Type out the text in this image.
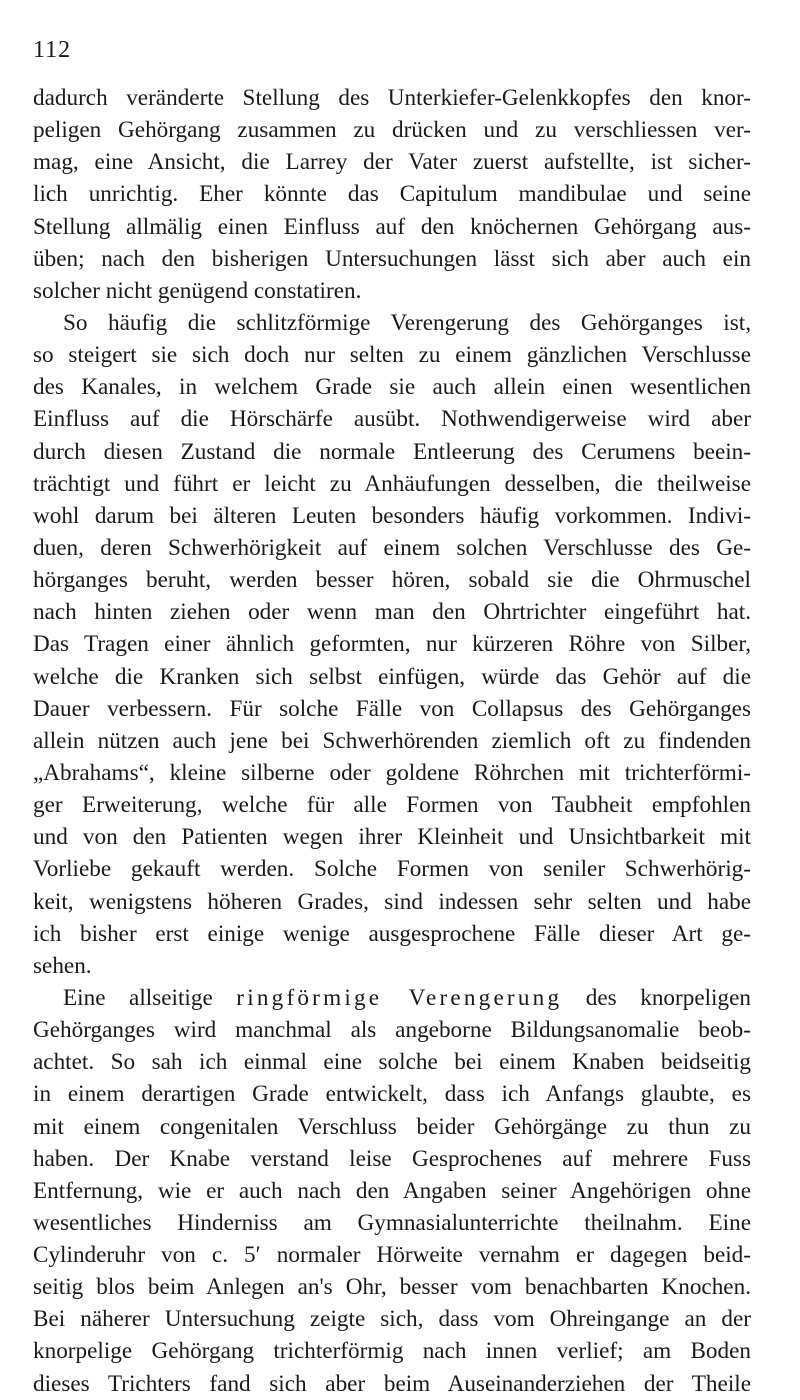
112
dadurch veränderte Stellung des Unterkiefer-Gelenkkopfes den knor-
peligen Gehörgang zusammen zu drücken und zu verschliessen ver-
mag, eine Ansicht, die Larrey der Vater zuerst aufstellte, ist sicher-
lich unrichtig. Eher könnte das Capitulum mandibulae und seine
Stellung allmälig einen Einfluss auf den knöchernen Gehörgang aus-
üben; nach den bisherigen Untersuchungen lässt sich aber auch ein
solcher nicht genügend constatiren.
So häufig die schlitzförmige Verengerung des Gehörganges ist,
so steigert sie sich doch nur selten zu einem gänzlichen Verschlusse
des Kanales, in welchem Grade sie auch allein einen wesentlichen
Einfluss auf die Hörschärfe ausübt. Nothwendigerweise wird aber
durch diesen Zustand die normale Entleerung des Cerumens beein-
trächtigt und führt er leicht zu Anhäufungen desselben, die theilweise
wohl darum bei älteren Leuten besonders häufig vorkommen. Indivi-
duen, deren Schwerhörigkeit auf einem solchen Verschlusse des Ge-
hörganges beruht, werden besser hören, sobald sie die Ohrmuschel
nach hinten ziehen oder wenn man den Ohrtrichter eingeführt hat.
Das Tragen einer ähnlich geformten, nur kürzeren Röhre von Silber,
welche die Kranken sich selbst einfügen, würde das Gehör auf die
Dauer verbessern. Für solche Fälle von Collapsus des Gehörganges
allein nützen auch jene bei Schwerhörenden ziemlich oft zu findenden
„Abrahams“, kleine silberne oder goldene Röhrchen mit trichterförmi-
ger Erweiterung, welche für alle Formen von Taubheit empfohlen
und von den Patienten wegen ihrer Kleinheit und Unsichtbarkeit mit
Vorliebe gekauft werden. Solche Formen von seniler Schwerhörig-
keit, wenigstens höheren Grades, sind indessen sehr selten und habe
ich bisher erst einige wenige ausgesprochene Fälle dieser Art ge-
sehen.
Eine allseitige ringförmige Verengerung des knorpeligen
Gehörganges wird manchmal als angeborne Bildungsanomalie beob-
achtet. So sah ich einmal eine solche bei einem Knaben beidseitig
in einem derartigen Grade entwickelt, dass ich Anfangs glaubte, es
mit einem congenitalen Verschluss beider Gehörgänge zu thun zu
haben. Der Knabe verstand leise Gesprochenes auf mehrere Fuss
Entfernung, wie er auch nach den Angaben seiner Angehörigen ohne
wesentliches Hinderniss am Gymnasialunterrichte theilnahm. Eine
Cylinderuhr von c. 5′ normaler Hörweite vernahm er dagegen beid-
seitig blos beim Anlegen an's Ohr, besser vom benachbarten Knochen.
Bei näherer Untersuchung zeigte sich, dass vom Ohreingange an der
knorpelige Gehörgang trichterförmig nach innen verlief; am Boden
dieses Trichters fand sich aber beim Auseinanderziehen der Theile
